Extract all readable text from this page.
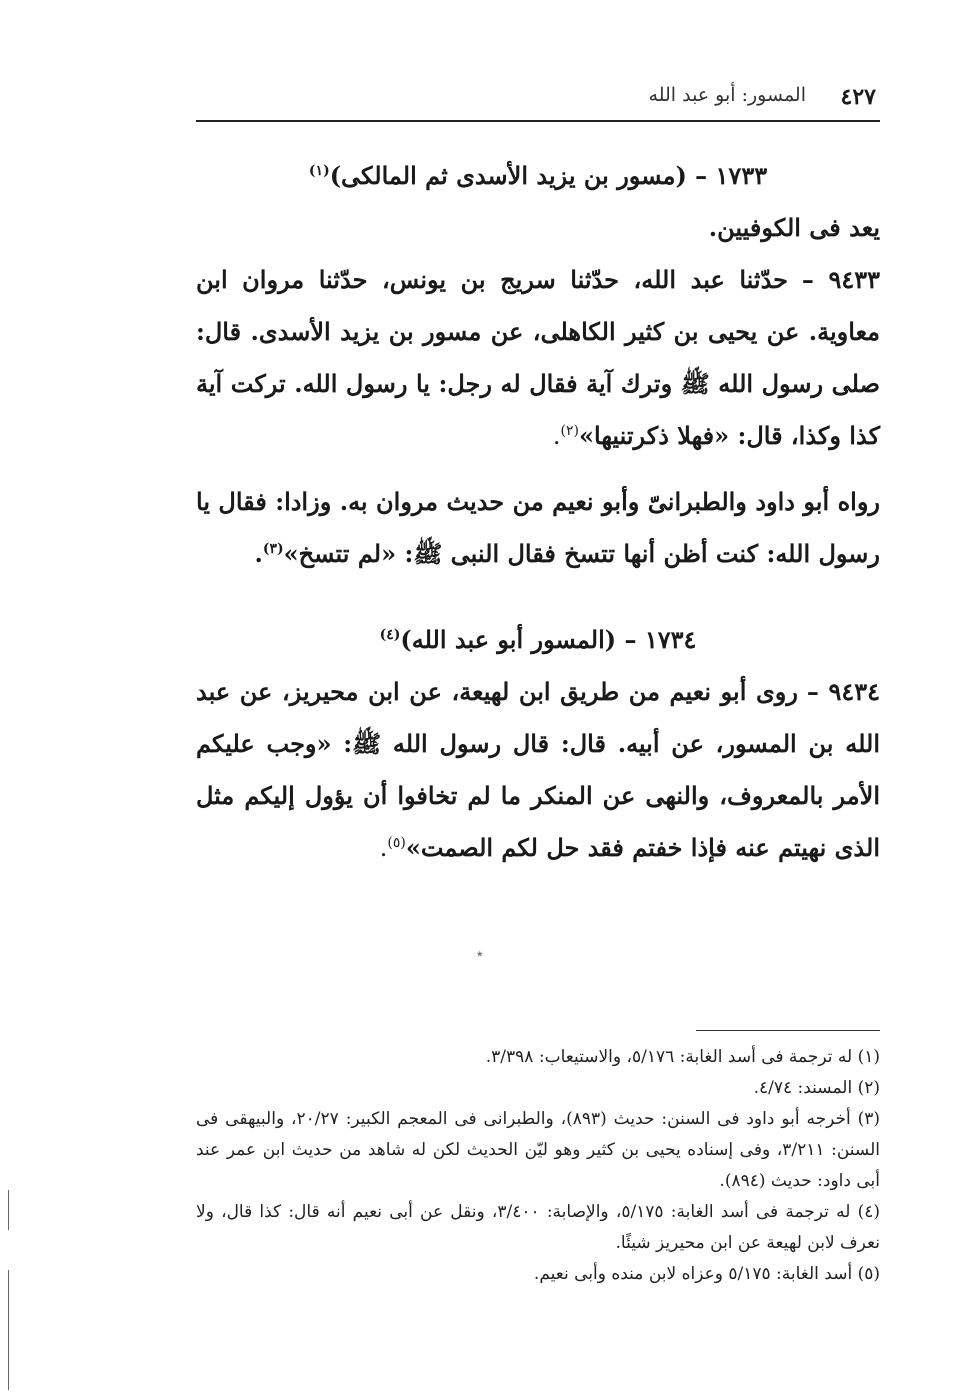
٤٢٧
المسور: أبو عبد الله

١٧٣٣ – (مسور بن يزيد الأسدى ثم المالكى)$^{(١)}$

يعد فى الكوفيين.

٩٤٣٣ – حدّثنا عبد الله، حدّثنا سريج بن يونس، حدّثنا مروان ابن معاوية. عن يحيى بن كثير الكاهلى، عن مسور بن يزيد الأسدى. قال: صلى رسول الله ﷺ وترك آية فقال له رجل: يا رسول الله. تركت آية كذا وكذا، قال: «فهلا ذكرتنيها»$^{(٢)}$.

رواه أبو داود والطبرانىّ وأبو نعيم من حديث مروان به. وزادا: فقال يا رسول الله: كنت أظن أنها تتسخ فقال النبى ﷺ: «لم تتسخ»$^{(٣)}$.

١٧٣٤ – (المسور أبو عبد الله)$^{(٤)}$

٩٤٣٤ – روى أبو نعيم من طريق ابن لهيعة، عن ابن محيريز، عن عبد الله بن المسور، عن أبيه. قال: قال رسول الله ﷺ: «وجب عليكم الأمر بالمعروف، والنهى عن المنكر ما لم تخافوا أن يؤول إليكم مثل الذى نهيتم عنه فإذا خفتم فقد حل لكم الصمت»$^{(٥)}$.

٭

(١) له ترجمة فى أسد الغابة: ٥/١٧٦، والاستيعاب: ٣/٣٩٨.

(٢) المسند: ٤/٧٤.

(٣) أخرجه أبو داود فى السنن: حديث (٨٩٣)، والطبرانى فى المعجم الكبير: ٢٠/٢٧، والبيهقى فى السنن: ٣/٢١١، وفى إسناده يحيى بن كثير وهو ليّن الحديث لكن له شاهد من حديث ابن عمر عند أبى داود: حديث (٨٩٤).

(٤) له ترجمة فى أسد الغابة: ٥/١٧٥، والإصابة: ٣/٤٠٠، ونقل عن أبى نعيم أنه قال: كذا قال، ولا نعرف لابن لهيعة عن ابن محيريز شيئًا.

(٥) أسد الغابة: ٥/١٧٥ وعزاه لابن منده وأبى نعيم.
